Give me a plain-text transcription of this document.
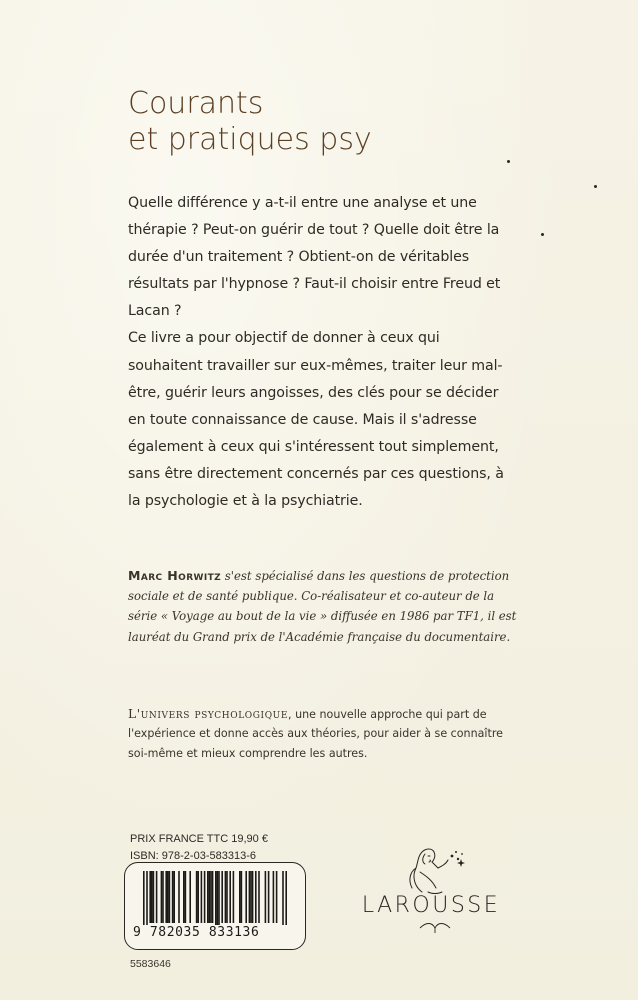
Courants
et pratiques psy

Quelle différence y a-t-il entre une analyse et une thérapie ? Peut-on guérir de tout ? Quelle doit être la durée d'un traitement ? Obtient-on de véritables résultats par l'hypnose ? Faut-il choisir entre Freud et Lacan ?

Ce livre a pour objectif de donner à ceux qui souhaitent travailler sur eux-mêmes, traiter leur mal-être, guérir leurs angoisses, des clés pour se décider en toute connaissance de cause. Mais il s'adresse également à ceux qui s'intéressent tout simplement, sans être directement concernés par ces questions, à la psychologie et à la psychiatrie.

Marc Horwitz s'est spécialisé dans les questions de protection sociale et de santé publique. Co-réalisateur et co-auteur de la série « Voyage au bout de la vie » diffusée en 1986 par TF1, il est lauréat du Grand prix de l'Académie française du documentaire.
L'univers psychologique, une nouvelle approche qui part de l'expérience et donne accès aux théories, pour aider à se connaître soi-même et mieux comprendre les autres.
PRIX FRANCE TTC 19,90 €
ISBN: 978-2-03-583313-6
9 782035 833136
5583646
LAROUSSE
